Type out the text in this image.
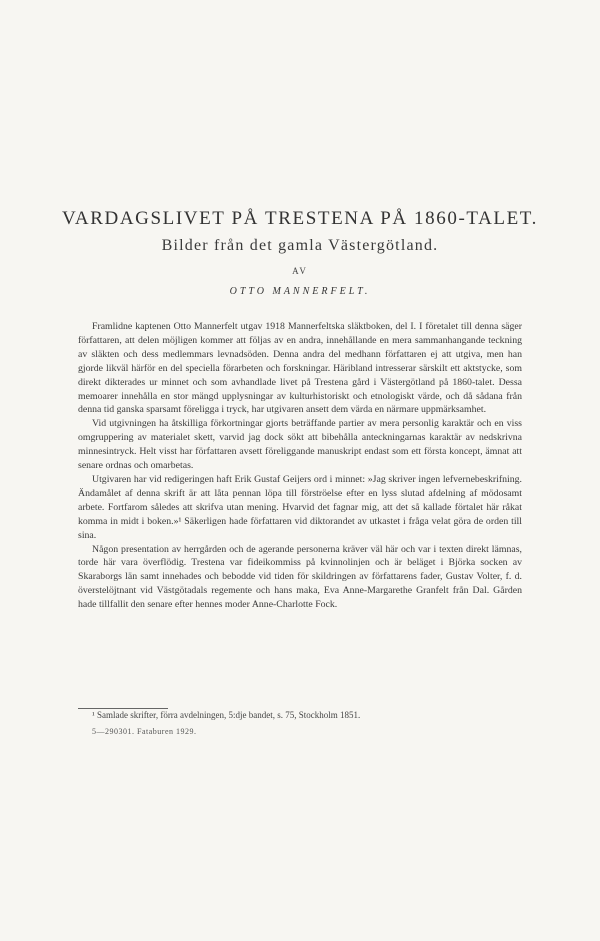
VARDAGSLIVET PÅ TRESTENA PÅ 1860-TALET.
Bilder från det gamla Västergötland.
AV
OTTO MANNERFELT.

Framlidne kaptenen Otto Mannerfelt utgav 1918 Mannerfeltska släktboken, del I. I företalet till denna säger författaren, att delen möjligen kommer att följas av en andra, innehållande en mera sammanhangande teckning av släkten och dess medlemmars levnadsöden. Denna andra del medhann författaren ej att utgiva, men han gjorde likväl härför en del speciella förarbeten och forskningar. Häribland intresserar särskilt ett aktstycke, som direkt dikterades ur minnet och som avhandlade livet på Trestena gård i Västergötland på 1860-talet. Dessa memoarer innehålla en stor mängd upplysningar av kulturhistoriskt och etnologiskt värde, och då sådana från denna tid ganska sparsamt föreligga i tryck, har utgivaren ansett dem värda en närmare uppmärksamhet.

Vid utgivningen ha åtskilliga förkortningar gjorts beträffande partier av mera personlig karaktär och en viss omgruppering av materialet skett, varvid jag dock sökt att bibehålla anteckningarnas karaktär av nedskrivna minnesintryck. Helt visst har författaren avsett föreliggande manuskript endast som ett första koncept, ämnat att senare ordnas och omarbetas.

Utgivaren har vid redigeringen haft Erik Gustaf Geijers ord i minnet: »Jag skriver ingen lefvernebeskrifning. Ändamålet af denna skrift är att låta pennan löpa till förströelse efter en lyss slutad afdelning af mödosamt arbete. Fortfarom således att skrifva utan mening. Hvarvid det fagnar mig, att det så kallade förtalet här råkat komma in midt i boken.»¹ Säkerligen hade författaren vid diktorandet av utkastet i fråga velat göra de orden till sina.

Någon presentation av herrgården och de agerande personerna kräver väl här och var i texten direkt lämnas, torde här vara överflödig. Trestena var fideikommiss på kvinnolinjen och är beläget i Björka socken av Skaraborgs län samt innehades och bebodde vid tiden för skildringen av författarens fader, Gustav Volter, f. d. överstelöjtnant vid Västgötadals regemente och hans maka, Eva Anne-Margarethe Granfelt från Dal. Gården hade tillfallit den senare efter hennes moder Anne-Charlotte Fock.

¹ Samlade skrifter, förra avdelningen, 5:dje bandet, s. 75, Stockholm 1851.
5—290301. Fataburen 1929.
